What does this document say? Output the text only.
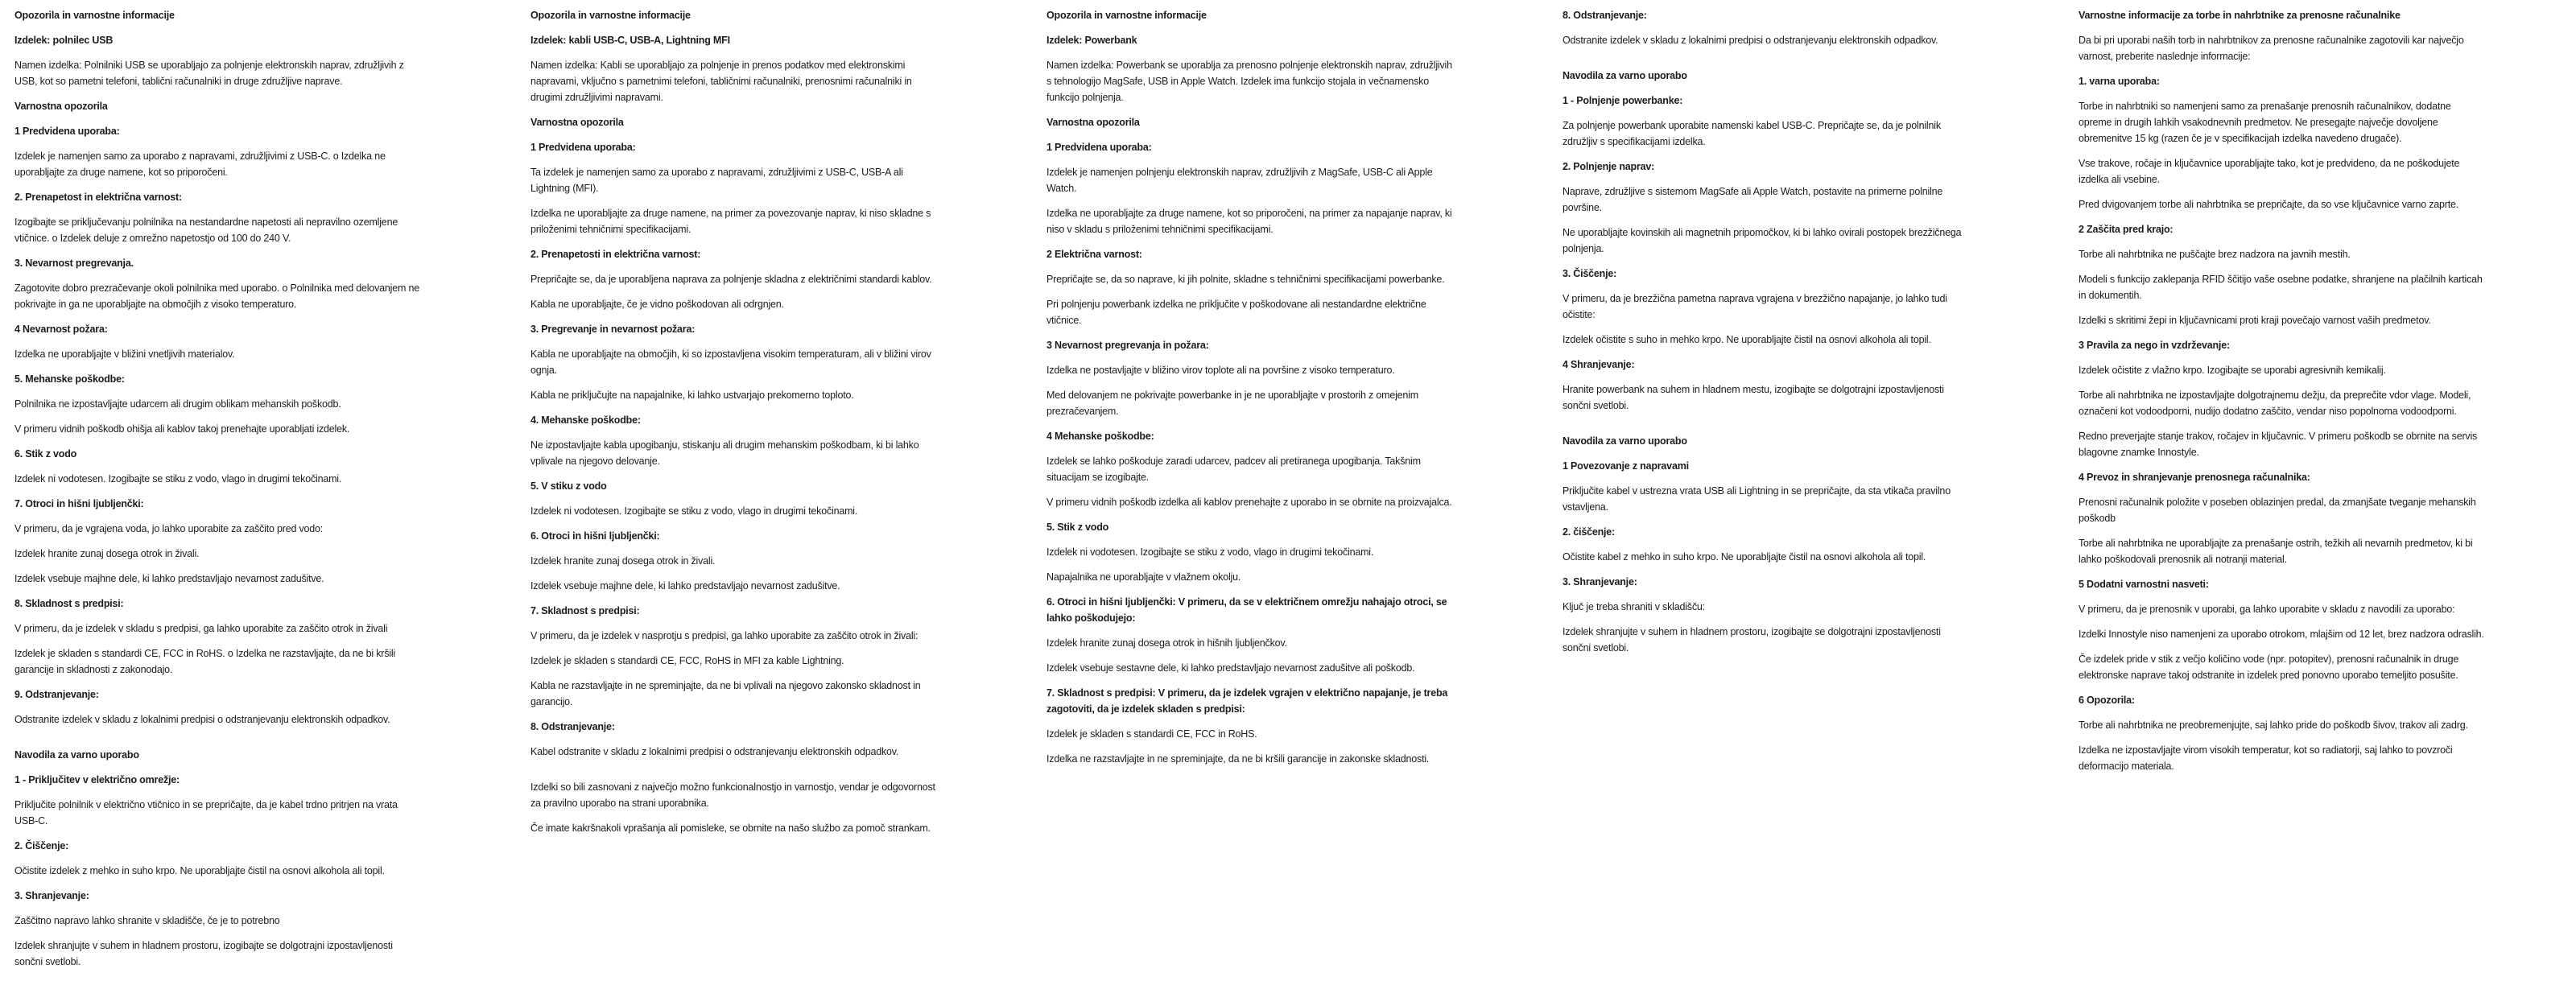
Opozorila in varnostne informacije

Izdelek: polnilec USB

Namen izdelka: Polnilniki USB se uporabljajo za polnjenje elektronskih naprav, združljivih z USB, kot so pametni telefoni, tablični računalniki in druge združljive naprave.

Varnostna opozorila

1 Predvidena uporaba:

Izdelek je namenjen samo za uporabo z napravami, združljivimi z USB-C. o Izdelka ne uporabljajte za druge namene, kot so priporočeni.

2. Prenapetost in električna varnost:

Izogibajte se priključevanju polnilnika na nestandardne napetosti ali nepravilno ozemljene vtičnice. o Izdelek deluje z omrežno napetostjo od 100 do 240 V.

3. Nevarnost pregrevanja.

Zagotovite dobro prezračevanje okoli polnilnika med uporabo. o Polnilnika med delovanjem ne pokrivajte in ga ne uporabljajte na območjih z visoko temperaturo.

4 Nevarnost požara:

Izdelka ne uporabljajte v bližini vnetljivih materialov.

5. Mehanske poškodbe:

Polnilnika ne izpostavljajte udarcem ali drugim oblikam mehanskih poškodb.

V primeru vidnih poškodb ohišja ali kablov takoj prenehajte uporabljati izdelek.

6. Stik z vodo

Izdelek ni vodotesen. Izogibajte se stiku z vodo, vlago in drugimi tekočinami.

7. Otroci in hišni ljubljenčki:

V primeru, da je vgrajena voda, jo lahko uporabite za zaščito pred vodo:

Izdelek hranite zunaj dosega otrok in živali.

Izdelek vsebuje majhne dele, ki lahko predstavljajo nevarnost zadušitve.

8. Skladnost s predpisi:

V primeru, da je izdelek v skladu s predpisi, ga lahko uporabite za zaščito otrok in živali

Izdelek je skladen s standardi CE, FCC in RoHS. o Izdelka ne razstavljajte, da ne bi kršili garancije in skladnosti z zakonodajo.

9. Odstranjevanje:

Odstranite izdelek v skladu z lokalnimi predpisi o odstranjevanju elektronskih odpadkov.

Navodila za varno uporabo

1 - Priključitev v električno omrežje:

Priključite polnilnik v električno vtičnico in se prepričajte, da je kabel trdno pritrjen na vrata USB-C.

2. Čiščenje:

Očistite izdelek z mehko in suho krpo. Ne uporabljajte čistil na osnovi alkohola ali topil.

3. Shranjevanje:

Zaščitno napravo lahko shranite v skladišče, če je to potrebno

Izdelek shranjujte v suhem in hladnem prostoru, izogibajte se dolgotrajni izpostavljenosti sončni svetlobi.

Opozorila in varnostne informacije

Izdelek: kabli USB-C, USB-A, Lightning MFI

Namen izdelka: Kabli se uporabljajo za polnjenje in prenos podatkov med elektronskimi napravami, vključno s pametnimi telefoni, tabličnimi računalniki, prenosnimi računalniki in drugimi združljivimi napravami.

Varnostna opozorila

1 Predvidena uporaba:

Ta izdelek je namenjen samo za uporabo z napravami, združljivimi z USB-C, USB-A ali Lightning (MFI).

Izdelka ne uporabljajte za druge namene, na primer za povezovanje naprav, ki niso skladne s priloženimi tehničnimi specifikacijami.

2. Prenapetosti in električna varnost:

Prepričajte se, da je uporabljena naprava za polnjenje skladna z električnimi standardi kablov.

Kabla ne uporabljajte, če je vidno poškodovan ali odrgnjen.

3. Pregrevanje in nevarnost požara:

Kabla ne uporabljajte na območjih, ki so izpostavljena visokim temperaturam, ali v bližini virov ognja.

Kabla ne priključujte na napajalnike, ki lahko ustvarjajo prekomerno toploto.

4. Mehanske poškodbe:

Ne izpostavljajte kabla upogibanju, stiskanju ali drugim mehanskim poškodbam, ki bi lahko vplivale na njegovo delovanje.

5. V stiku z vodo

Izdelek ni vodotesen. Izogibajte se stiku z vodo, vlago in drugimi tekočinami.

6. Otroci in hišni ljubljenčki:

Izdelek hranite zunaj dosega otrok in živali.

Izdelek vsebuje majhne dele, ki lahko predstavljajo nevarnost zadušitve.

7. Skladnost s predpisi:

V primeru, da je izdelek v nasprotju s predpisi, ga lahko uporabite za zaščito otrok in živali:

Izdelek je skladen s standardi CE, FCC, RoHS in MFI za kable Lightning.

Kabla ne razstavljajte in ne spreminjajte, da ne bi vplivali na njegovo zakonsko skladnost in garancijo.

8. Odstranjevanje:

Kabel odstranite v skladu z lokalnimi predpisi o odstranjevanju elektronskih odpadkov.

Izdelki so bili zasnovani z največjo možno funkcionalnostjo in varnostjo, vendar je odgovornost za pravilno uporabo na strani uporabnika.

Če imate kakršnakoli vprašanja ali pomisleke, se obrnite na našo službo za pomoč strankam.

Opozorila in varnostne informacije

Izdelek: Powerbank

Namen izdelka: Powerbank se uporablja za prenosno polnjenje elektronskih naprav, združljivih s tehnologijo MagSafe, USB in Apple Watch. Izdelek ima funkcijo stojala in večnamensko funkcijo polnjenja.

Varnostna opozorila

1 Predvidena uporaba:

Izdelek je namenjen polnjenju elektronskih naprav, združljivih z MagSafe, USB-C ali Apple Watch.

Izdelka ne uporabljajte za druge namene, kot so priporočeni, na primer za napajanje naprav, ki niso v skladu s priloženimi tehničnimi specifikacijami.

2 Električna varnost:

Prepričajte se, da so naprave, ki jih polnite, skladne s tehničnimi specifikacijami powerbanke.

Pri polnjenju powerbank izdelka ne priključite v poškodovane ali nestandardne električne vtičnice.

3 Nevarnost pregrevanja in požara:

Izdelka ne postavljajte v bližino virov toplote ali na površine z visoko temperaturo.

Med delovanjem ne pokrivajte powerbanke in je ne uporabljajte v prostorih z omejenim prezračevanjem.

4 Mehanske poškodbe:

Izdelek se lahko poškoduje zaradi udarcev, padcev ali pretiranega upogibanja. Takšnim situacijam se izogibajte.

V primeru vidnih poškodb izdelka ali kablov prenehajte z uporabo in se obrnite na proizvajalca.

5. Stik z vodo

Izdelek ni vodotesen. Izogibajte se stiku z vodo, vlago in drugimi tekočinami.

Napajalnika ne uporabljajte v vlažnem okolju.

6. Otroci in hišni ljubljenčki: V primeru, da se v električnem omrežju nahajajo otroci, se lahko poškodujejo:

Izdelek hranite zunaj dosega otrok in hišnih ljubljenčkov.

Izdelek vsebuje sestavne dele, ki lahko predstavljajo nevarnost zadušitve ali poškodb.

7. Skladnost s predpisi: V primeru, da je izdelek vgrajen v električno napajanje, je treba zagotoviti, da je izdelek skladen s predpisi:

Izdelek je skladen s standardi CE, FCC in RoHS.

Izdelka ne razstavljajte in ne spreminjajte, da ne bi kršili garancije in zakonske skladnosti.

8. Odstranjevanje:

Odstranite izdelek v skladu z lokalnimi predpisi o odstranjevanju elektronskih odpadkov.

Navodila za varno uporabo

1 - Polnjenje powerbanke:

Za polnjenje powerbank uporabite namenski kabel USB-C. Prepričajte se, da je polnilnik združljiv s specifikacijami izdelka.

2. Polnjenje naprav:

Naprave, združljive s sistemom MagSafe ali Apple Watch, postavite na primerne polnilne površine.

Ne uporabljajte kovinskih ali magnetnih pripomočkov, ki bi lahko ovirali postopek brezžičnega polnjenja.

3. Čiščenje:

V primeru, da je brezžična pametna naprava vgrajena v brezžično napajanje, jo lahko tudi očistite:

Izdelek očistite s suho in mehko krpo. Ne uporabljajte čistil na osnovi alkohola ali topil.

4 Shranjevanje:

Hranite powerbank na suhem in hladnem mestu, izogibajte se dolgotrajni izpostavljenosti sončni svetlobi.

Navodila za varno uporabo

1 Povezovanje z napravami

Priključite kabel v ustrezna vrata USB ali Lightning in se prepričajte, da sta vtikača pravilno vstavljena.

2. čiščenje:

Očistite kabel z mehko in suho krpo. Ne uporabljajte čistil na osnovi alkohola ali topil.

3. Shranjevanje:

Ključ je treba shraniti v skladišču:

Izdelek shranjujte v suhem in hladnem prostoru, izogibajte se dolgotrajni izpostavljenosti sončni svetlobi.

Varnostne informacije za torbe in nahrbtnike za prenosne računalnike

Da bi pri uporabi naših torb in nahrbtnikov za prenosne računalnike zagotovili kar največjo varnost, preberite naslednje informacije:

1. varna uporaba:

Torbe in nahrbtniki so namenjeni samo za prenašanje prenosnih računalnikov, dodatne opreme in drugih lahkih vsakodnevnih predmetov. Ne presegajte največje dovoljene obremenitve 15 kg (razen če je v specifikacijah izdelka navedeno drugače).

Vse trakove, ročaje in ključavnice uporabljajte tako, kot je predvideno, da ne poškodujete izdelka ali vsebine.

Pred dvigovanjem torbe ali nahrbtnika se prepričajte, da so vse ključavnice varno zaprte.

2 Zaščita pred krajo:

Torbe ali nahrbtnika ne puščajte brez nadzora na javnih mestih.

Modeli s funkcijo zaklepanja RFID ščitijo vaše osebne podatke, shranjene na plačilnih karticah in dokumentih.

Izdelki s skritimi žepi in ključavnicami proti kraji povečajo varnost vaših predmetov.

3 Pravila za nego in vzdrževanje:

Izdelek očistite z vlažno krpo. Izogibajte se uporabi agresivnih kemikalij.

Torbe ali nahrbtnika ne izpostavljajte dolgotrajnemu dežju, da preprečite vdor vlage. Modeli, označeni kot vodoodporni, nudijo dodatno zaščito, vendar niso popolnoma vodoodporni.

Redno preverjajte stanje trakov, ročajev in ključavnic. V primeru poškodb se obrnite na servis blagovne znamke Innostyle.

4 Prevoz in shranjevanje prenosnega računalnika:

Prenosni računalnik položite v poseben oblazinjen predal, da zmanjšate tveganje mehanskih poškodb

Torbe ali nahrbtnika ne uporabljajte za prenašanje ostrih, težkih ali nevarnih predmetov, ki bi lahko poškodovali prenosnik ali notranji material.

5 Dodatni varnostni nasveti:

V primeru, da je prenosnik v uporabi, ga lahko uporabite v skladu z navodili za uporabo:

Izdelki Innostyle niso namenjeni za uporabo otrokom, mlajšim od 12 let, brez nadzora odraslih.

Če izdelek pride v stik z večjo količino vode (npr. potopitev), prenosni računalnik in druge elektronske naprave takoj odstranite in izdelek pred ponovno uporabo temeljito posušite.

6 Opozorila:

Torbe ali nahrbtnika ne preobremenjujte, saj lahko pride do poškodb šivov, trakov ali zadrg.

Izdelka ne izpostavljajte virom visokih temperatur, kot so radiatorji, saj lahko to povzroči deformacijo materiala.
